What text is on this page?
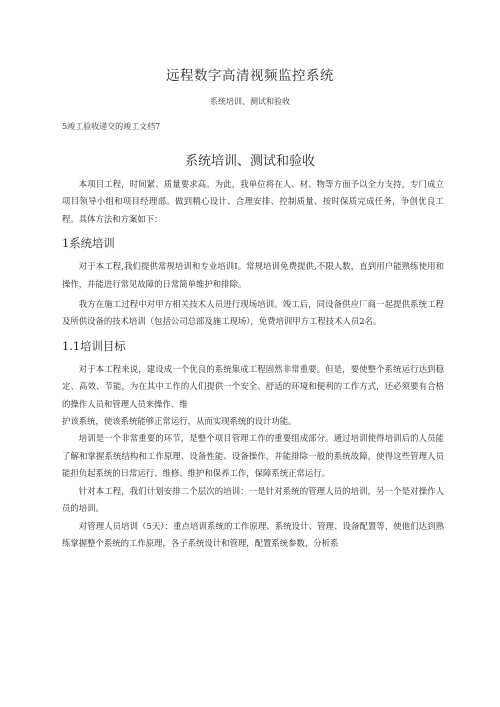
远程数字高清视频监控系统

系统培训、测试和验收

5竣工验收递交的竣工文档7

系统培训、测试和验收

本项目工程，时间紧、质量要求高。为此，我单位将在人、材、物等方面予以全力支持，专门成立项目领导小组和项目经理部。做到精心设计、合理安排、控制质量、按时保质完成任务，争创优良工程。具体方法和方案如下：

1系统培训

对于本工程,我们提供常规培训和专业培训I。常规培训免费提供,不限人数，直到用户能熟练使用和操作，并能进行常见故障的日常简单维护和排除。

我方在施工过程中对甲方相关技术人员进行现场培训。竣工后，同设备供应厂商一起提供系统工程及所供设备的技术培训（包括公司总部及施工现场），免费培训甲方工程技术人员2名。

1.1培训目标

对于本工程来说，建设成一个优良的系统集成工程固然非常重要。但是，要使整个系统运行达到稳定、高效、节能，为在其中工作的人们提供一个安全、舒适的环境和便利的工作方式，还必须要有合格的操作人员和管理人员来操作、维

护该系统，使该系统能够正常运行，从而实现系统的设计功能。

培训是一个非常重要的环节，是整个项目管理工作的重要组成部分。通过培训使得培训后的人员能了解和掌握系统结构和工作原理、设备性能、设备操作，并能排除一般的系统故障，使得这些管理人员能担负起系统的日常运行、维修、维护和保养工作，保障系统正常运行。

针对本工程，我们计划安排二个层次的培训：一是针对系统的管理人员的培训，另一个是对操作人员的培训。

对管理人员培训（5天）：重点培训系统的工作原理、系统设计、管理、设备配置等，使他们达到熟练掌握整个系统的工作原理，各子系统设计和管理，配置系统参数，分析系
